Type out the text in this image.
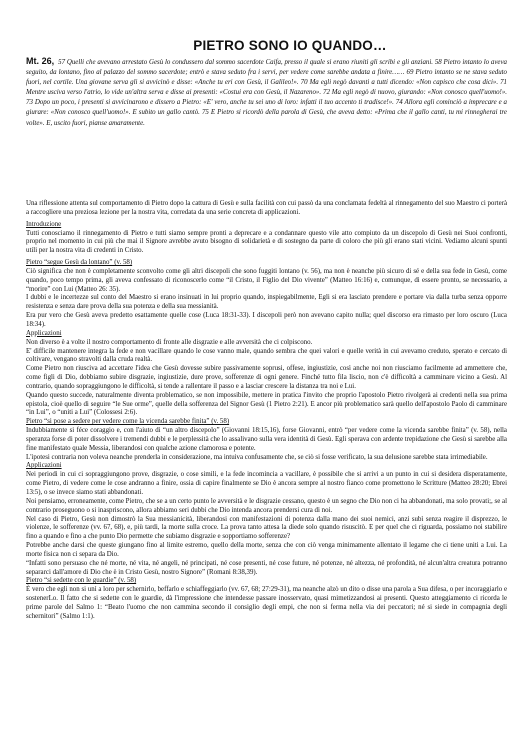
PIETRO SONO IO QUANDO…
Mt. 26, 57 Quelli che avevano arrestato Gesù lo condussero dal sommo sacerdote Caifa, presso il quale si erano riuniti gli scribi e gli anziani. 58 Pietro intanto lo aveva seguito, da lontano, fino al palazzo del sommo sacerdote; entrò e stava seduto fra i servi, per vedere come sarebbe andata a finire…… 69 Pietro intanto se ne stava seduto fuori, nel cortile. Una giovane serva gli si avvicinò e disse: «Anche tu eri con Gesù, il Galileo!». 70 Ma egli negò davanti a tutti dicendo: «Non capisco che cosa dici». 71 Mentre usciva verso l'atrio, lo vide un'altra serva e disse ai presenti: «Costui era con Gesù, il Nazareno». 72 Ma egli negò di nuovo, giurando: «Non conosco quell'uomo!». 73 Dopo un poco, i presenti si avvicinarono e dissero a Pietro: «E' vero, anche tu sei uno di loro: infatti il tuo accento ti tradisce!». 74 Allora egli cominciò a imprecare e a giurare: «Non conosco quell'uomo!». E subito un gallo cantò. 75 E Pietro si ricordò della parola di Gesù, che aveva detto: «Prima che il gallo canti, tu mi rinnegherai tre volte». E, uscito fuori, pianse amaramente.

Una riflessione attenta sul comportamento di Pietro dopo la cattura di Gesù e sulla facilità con cui passò da una conclamata fedeltà al rinnegamento del suo Maestro ci porterà a raccogliere una preziosa lezione per la nostra vita, corredata da una serie concreta di applicazioni.

Introduzione

Tutti conosciamo il rinnegamento di Pietro e tutti siamo sempre pronti a deprecare e a condannare questo vile atto compiuto da un discepolo di Gesù nei Suoi confronti, proprio nel momento in cui più che mai il Signore avrebbe avuto bisogno di solidarietà e di sostegno da parte di coloro che più gli erano stati vicini. Vediamo alcuni spunti utili per la nostra vita di credenti in Cristo.

Pietro “segue Gesù da lontano” (v. 58)

Ciò significa che non è completamente sconvolto come gli altri discepoli che sono fuggiti lontano (v. 56), ma non è neanche più sicuro di sé e della sua fede in Gesù, come quando, poco tempo prima, gli aveva confessato di riconoscerlo come “il Cristo, il Figlio del Dio vivente” (Matteo 16:16) e, comunque, di essere pronto, se necessario, a “morire” con Lui (Matteo 26: 35).

I dubbi e le incertezze sul conto del Maestro si erano insinuati in lui proprio quando, inspiegabilmente, Egli si era lasciato prendere e portare via dalla turba senza opporre resistenza e senza dare prova della sua potenza e della sua messianità.

Era pur vero che Gesù aveva predetto esattamente quelle cose (Luca 18:31-33). I discepoli però non avevano capito nulla; quel discorso era rimasto per loro oscuro (Luca 18:34).

Applicazioni

Non diverso è a volte il nostro comportamento di fronte alle disgrazie e alle avversità che ci colpiscono.

E' difficile mantenere integra la fede e non vacillare quando le cose vanno male, quando sembra che quei valori e quelle verità in cui avevamo creduto, sperato e cercato di coltivare, vengano stravolti dalla cruda realtà.

Come Pietro non riusciva ad accettare l'idea che Gesù dovesse subire passivamente soprusi, offese, ingiustizie, così anche noi non riusciamo facilmente ad ammettere che, come figli di Dio, dobbiamo subire disgrazie, ingiustizie, dure prove, sofferenze di ogni genere. Finché tutto fila liscio, non c'è difficoltà a camminare vicino a Gesù. Al contrario, quando sopraggiungono le difficoltà, si tende a rallentare il passo e a lasciar crescere la distanza tra noi e Lui.

Quando questo succede, naturalmente diventa problematico, se non impossibile, mettere in pratica l'invito che proprio l'apostolo Pietro rivolgerà ai credenti nella sua prima epistola, cioè quello di seguire “le Sue orme”, quelle della sofferenza del Signor Gesù (1 Pietro 2:21). E ancor più problematico sarà quello dell'apostolo Paolo di camminare “in Lui”, o “uniti a Lui” (Colossesi 2:6).

Pietro “si pose a sedere per vedere come la vicenda sarebbe finita” (v. 58)

Indubbiamente si féce coraggio e, con l'aiuto di “un altro discepolo” (Giovanni 18:15,16), forse Giovanni, entrò “per vedere come la vicenda sarebbe finita” (v. 58), nella speranza forse di poter dissolvere i tremendi dubbi e le perplessità che lo assalivano sulla vera identità di Gesù. Egli sperava con ardente trepidazione che Gesù si sarebbe alla fine manifestato quale Messia, liberandosi con qualche azione clamorosa e potente.

L'ipotesi contraria non voleva neanche prenderla in considerazione, ma intuiva confusamente che, se ciò si fosse verificato, la sua delusione sarebbe stata irrimediabile.

Applicazioni

Nei periodi in cui ci sopraggiungono prove, disgrazie, o cose simili, e la fede incomincia a vacillare, è possibile che si arrivi a un punto in cui si desidera disperatamente, come Pietro, di vedere come le cose andranno a finire, ossia di capire finalmente se Dio è ancora sempre al nostro fianco come promettono le Scritture (Matteo 28:20; Ebrei 13:5), o se invece siamo stati abbandonati.

Noi pensiamo, erroneamente, come Pietro, che se a un certo punto le avversità e le disgrazie cessano, questo è un segno che Dio non ci ha abbandonati, ma solo provati;, se al contrario proseguono o si inaspriscono, allora abbiamo seri dubbi che Dio intenda ancora prendersi cura di noi.

Nel caso di Pietro, Gesù non dimostrò la Sua messianicità, liberandosi con manifestazioni di potenza dalla mano dei suoi nemici, anzi subì senza reagire il disprezzo, le violenze, le sofferenze (vv. 67, 68), e, più tardi, la morte sulla croce. La prova tanto attesa la diede solo quando risuscitò. E per quel che ci riguarda, possiamo noi stabilire fino a quando e fino a che punto Dio permette che subiamo disgrazie e sopportiamo sofferenze?

Potrebbe anche darsi che queste giungano fino al limite estremo, quello della morte, senza che con ciò venga minimamente allentato il legame che ci tiene uniti a Lui. La morte fisica non ci separa da Dio.

“Infatti sono persuaso che né morte, né vita, né angeli, né principati, né cose presenti, né cose future, né potenze, né altezza, né profondità, né alcun'altra creatura potranno separarci dall'amore di Dio che è in Cristo Gesù, nostro Signore” (Romani 8:38,39).

Pietro “si sedette con le guardie” (v. 58)

È vero che egli non si unì a loro per schernirlo, beffarlo e schiaffeggiarlo (vv. 67, 68; 27:29-31), ma neanche alzò un dito o disse una parola a Sua difesa, o per incoraggiarlo e sostenerLo. Il fatto che si sedette con le guardie, dà l'impressione che intendesse passare inosservato, quasi mimetizzandosi ai presenti. Questo atteggiamento ci ricorda le prime parole del Salmo 1: “Beato l'uomo che non cammina secondo il consiglio degli empi, che non si ferma nella via dei peccatori; né si siede in compagnia degli schernitori” (Salmo 1:1).
